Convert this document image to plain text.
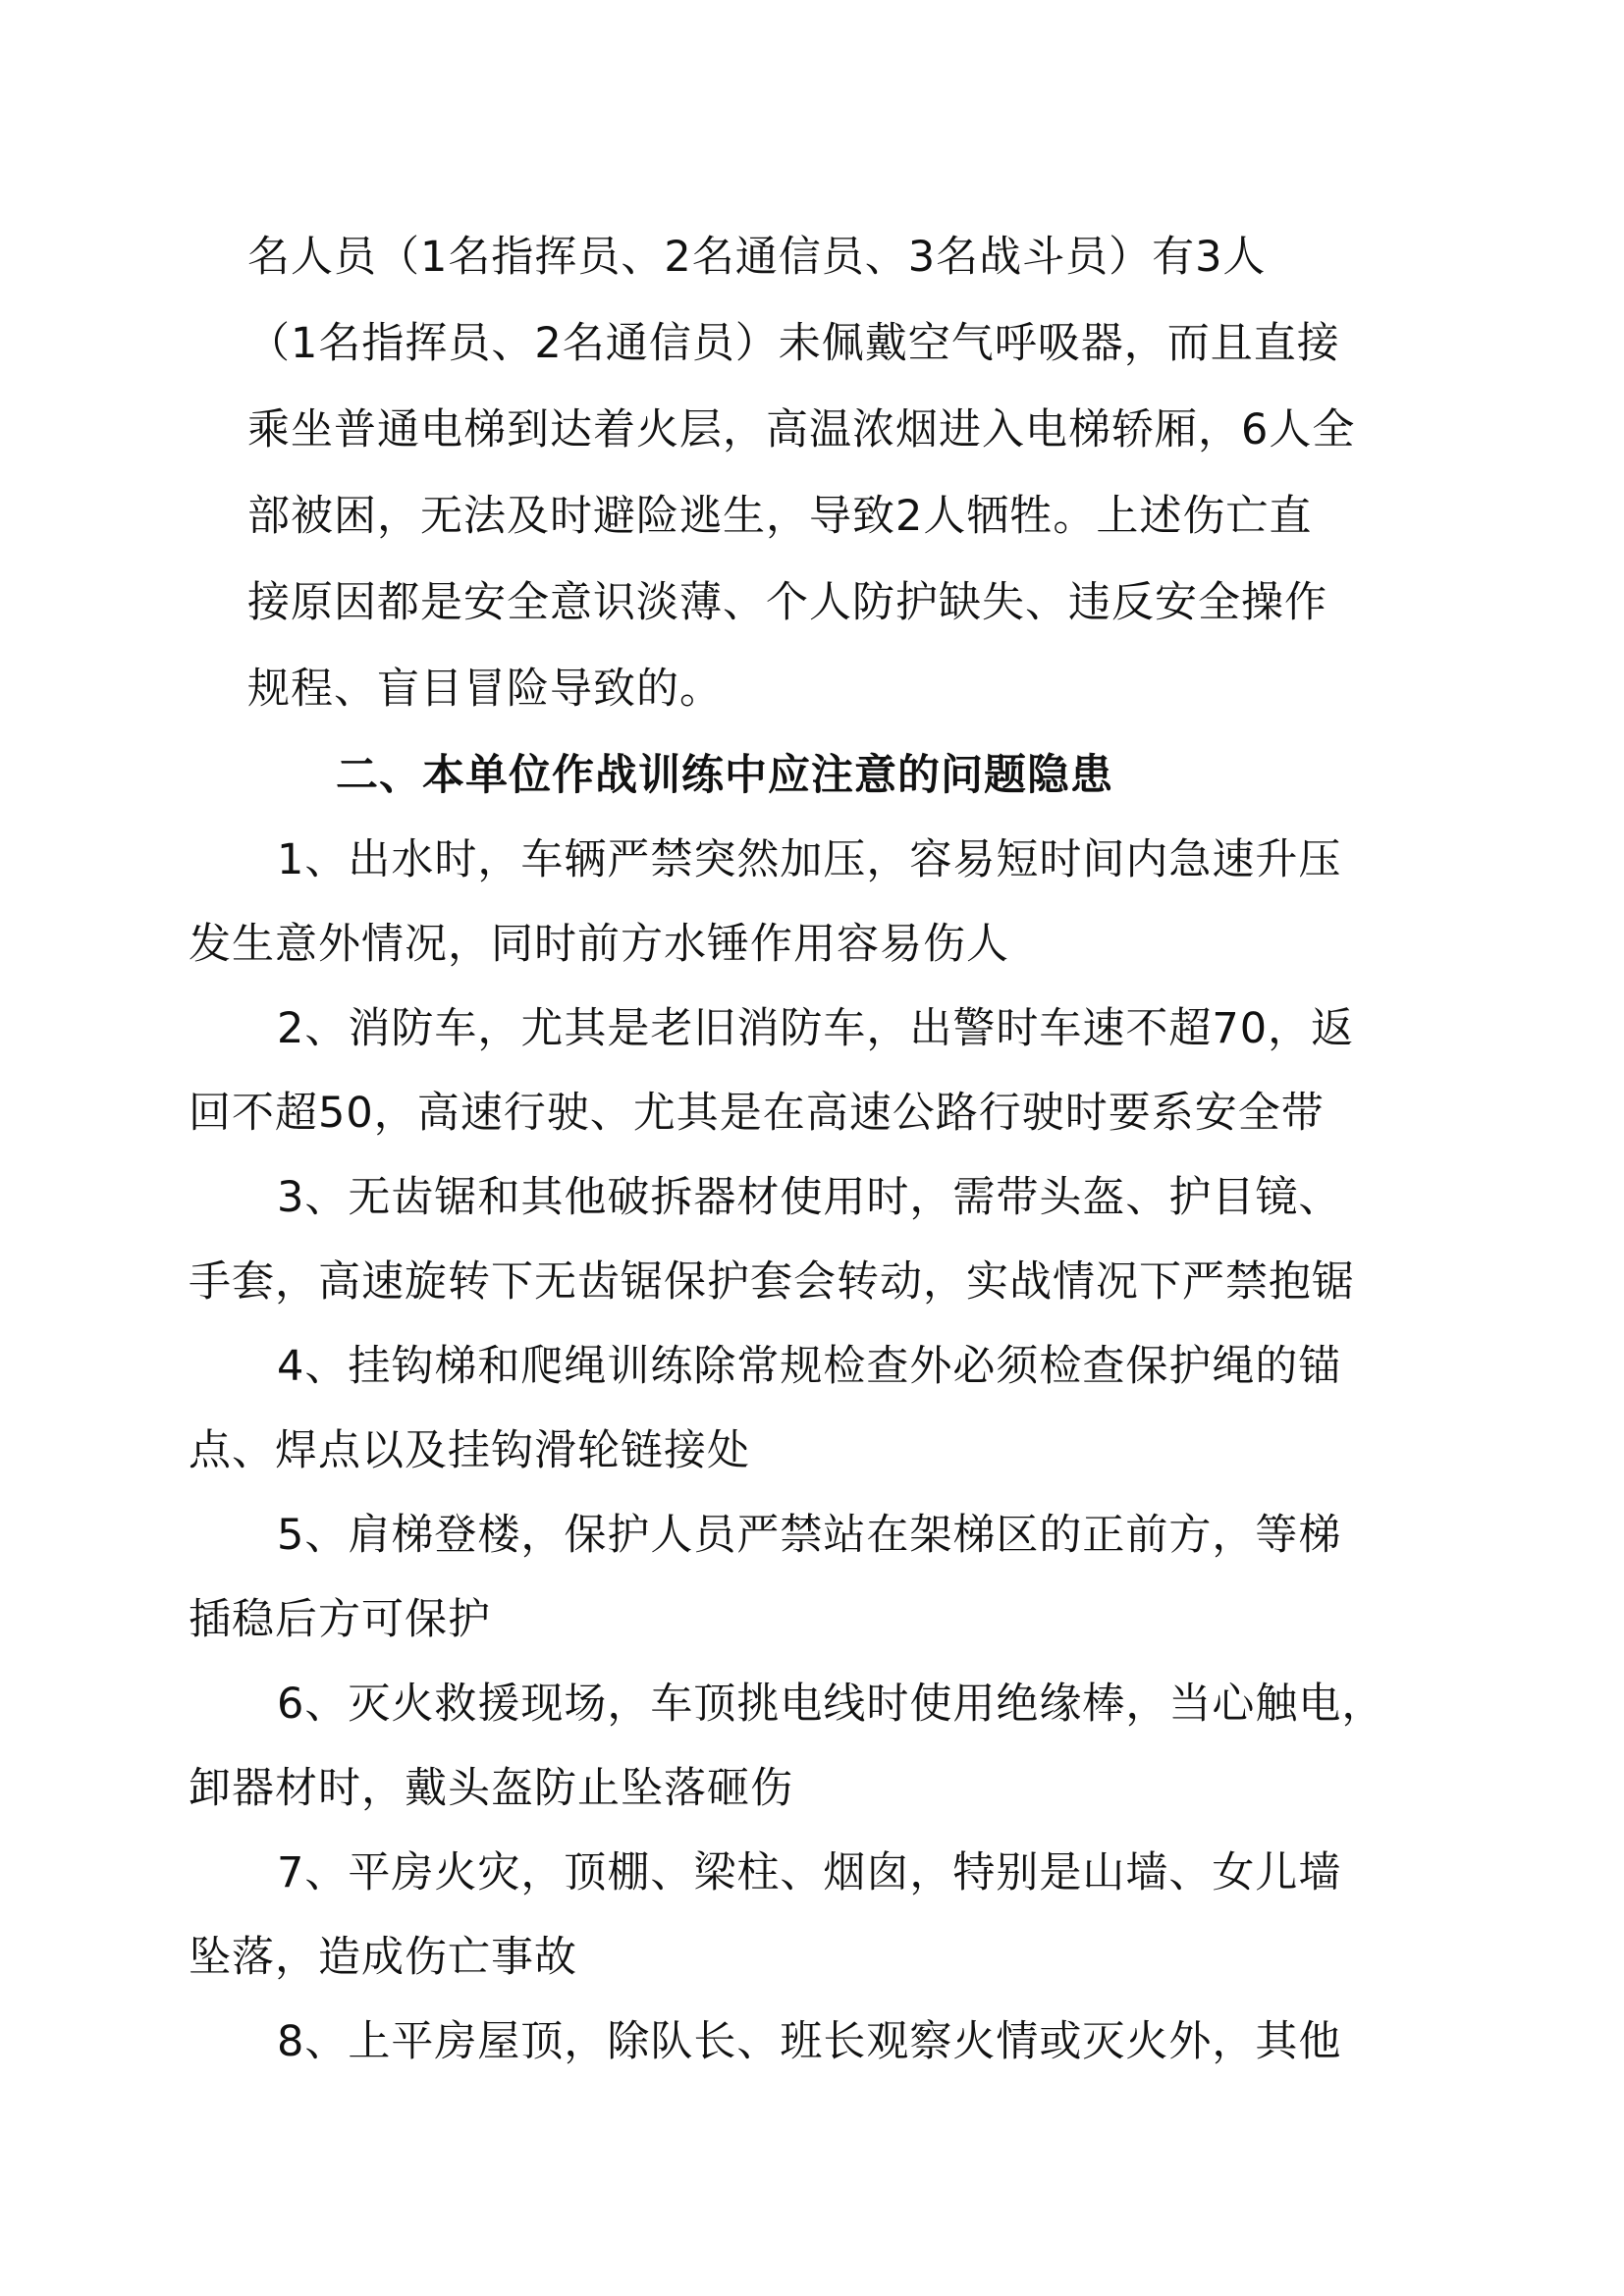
名人员（1名指挥员、2名通信员、3名战斗员）有3人
（1名指挥员、2名通信员）未佩戴空气呼吸器，而且直接
乘坐普通电梯到达着火层，高温浓烟进入电梯轿厢，6人全
部被困，无法及时避险逃生，导致2人牺牲。上述伤亡直
接原因都是安全意识淡薄、个人防护缺失、违反安全操作
规程、盲目冒险导致的。
二、本单位作战训练中应注意的问题隐患
1、出水时，车辆严禁突然加压，容易短时间内急速升压
发生意外情况，同时前方水锤作用容易伤人
2、消防车，尤其是老旧消防车，出警时车速不超70，返
回不超50，高速行驶、尤其是在高速公路行驶时要系安全带
3、无齿锯和其他破拆器材使用时，需带头盔、护目镜、
手套，高速旋转下无齿锯保护套会转动，实战情况下严禁抱锯
4、挂钩梯和爬绳训练除常规检查外必须检查保护绳的锚
点、焊点以及挂钩滑轮链接处
5、肩梯登楼，保护人员严禁站在架梯区的正前方，等梯
插稳后方可保护
6、灭火救援现场，车顶挑电线时使用绝缘棒，当心触电，
卸器材时，戴头盔防止坠落砸伤
7、平房火灾，顶棚、梁柱、烟囱，特别是山墙、女儿墙
坠落，造成伤亡事故
8、上平房屋顶，除队长、班长观察火情或灭火外，其他
